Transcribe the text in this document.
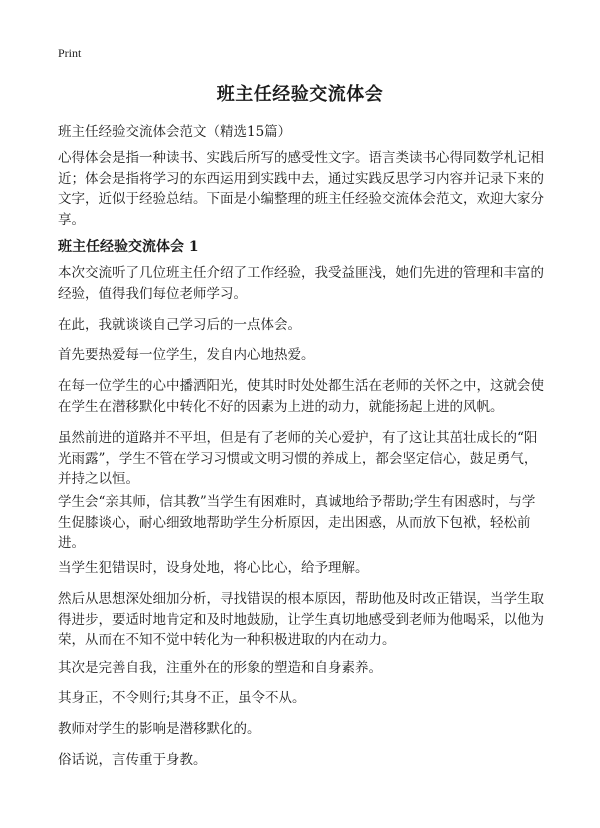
Print
班主任经验交流体会

班主任经验交流体会范文（精选15篇）

心得体会是指一种读书、实践后所写的感受性文字。语言类读书心得同数学札记相近；体会是指将学习的东西运用到实践中去，通过实践反思学习内容并记录下来的文字，近似于经验总结。下面是小编整理的班主任经验交流体会范文，欢迎大家分享。

班主任经验交流体会 1

本次交流听了几位班主任介绍了工作经验，我受益匪浅，她们先进的管理和丰富的经验，值得我们每位老师学习。

在此，我就谈谈自己学习后的一点体会。

首先要热爱每一位学生，发自内心地热爱。

在每一位学生的心中播洒阳光，使其时时处处都生活在老师的关怀之中，这就会使在学生在潜移默化中转化不好的因素为上进的动力，就能扬起上进的风帆。

虽然前进的道路并不平坦，但是有了老师的关心爱护，有了这让其茁壮成长的“阳光雨露”，学生不管在学习习惯或文明习惯的养成上，都会坚定信心，鼓足勇气，并持之以恒。

学生会“亲其师，信其教”当学生有困难时，真诚地给予帮助;学生有困惑时，与学生促膝谈心，耐心细致地帮助学生分析原因，走出困惑，从而放下包袱，轻松前进。

当学生犯错误时，设身处地，将心比心，给予理解。

然后从思想深处细加分析，寻找错误的根本原因，帮助他及时改正错误，当学生取得进步，要适时地肯定和及时地鼓励，让学生真切地感受到老师为他喝采，以他为荣，从而在不知不觉中转化为一种积极进取的内在动力。

其次是完善自我，注重外在的形象的塑造和自身素养。

其身正，不令则行;其身不正，虽令不从。

教师对学生的影响是潜移默化的。

俗话说，言传重于身教。
